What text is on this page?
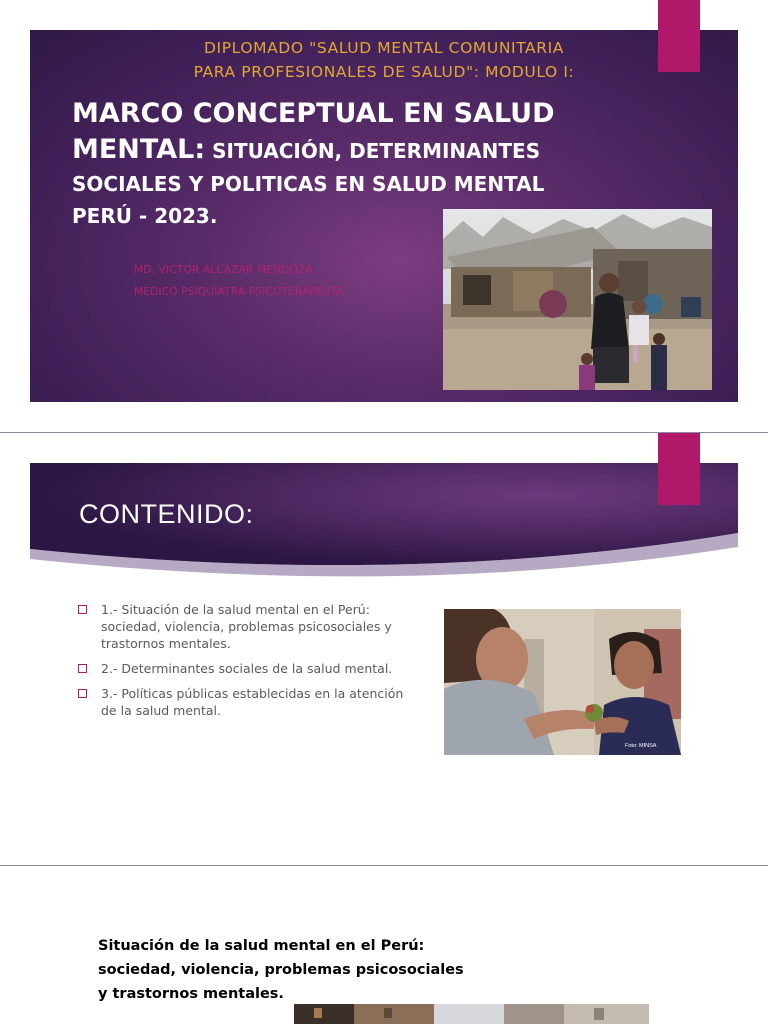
DIPLOMADO "SALUD MENTAL COMUNITARIA
PARA PROFESIONALES DE SALUD": MODULO I:
MARCO CONCEPTUAL EN SALUD
MENTAL: SITUACIÓN, DETERMINANTES
SOCIALES Y POLITICAS EN SALUD MENTAL
PERÚ - 2023.
MD. VICTOR ALCÁZAR MENDOZA
MEDICO PSIQUÍATRA PSICOTERAPEUTA
CONTENIDO:
1.- Situación de la salud mental en el Perú: sociedad, violencia, problemas psicosociales y trastornos mentales.
2.- Determinantes sociales de la salud mental.
3.- Políticas públicas establecidas en la atención de la salud mental.
Foto: MINSA
Situación de la salud mental en el Perú: sociedad, violencia, problemas psicosociales y trastornos mentales.
